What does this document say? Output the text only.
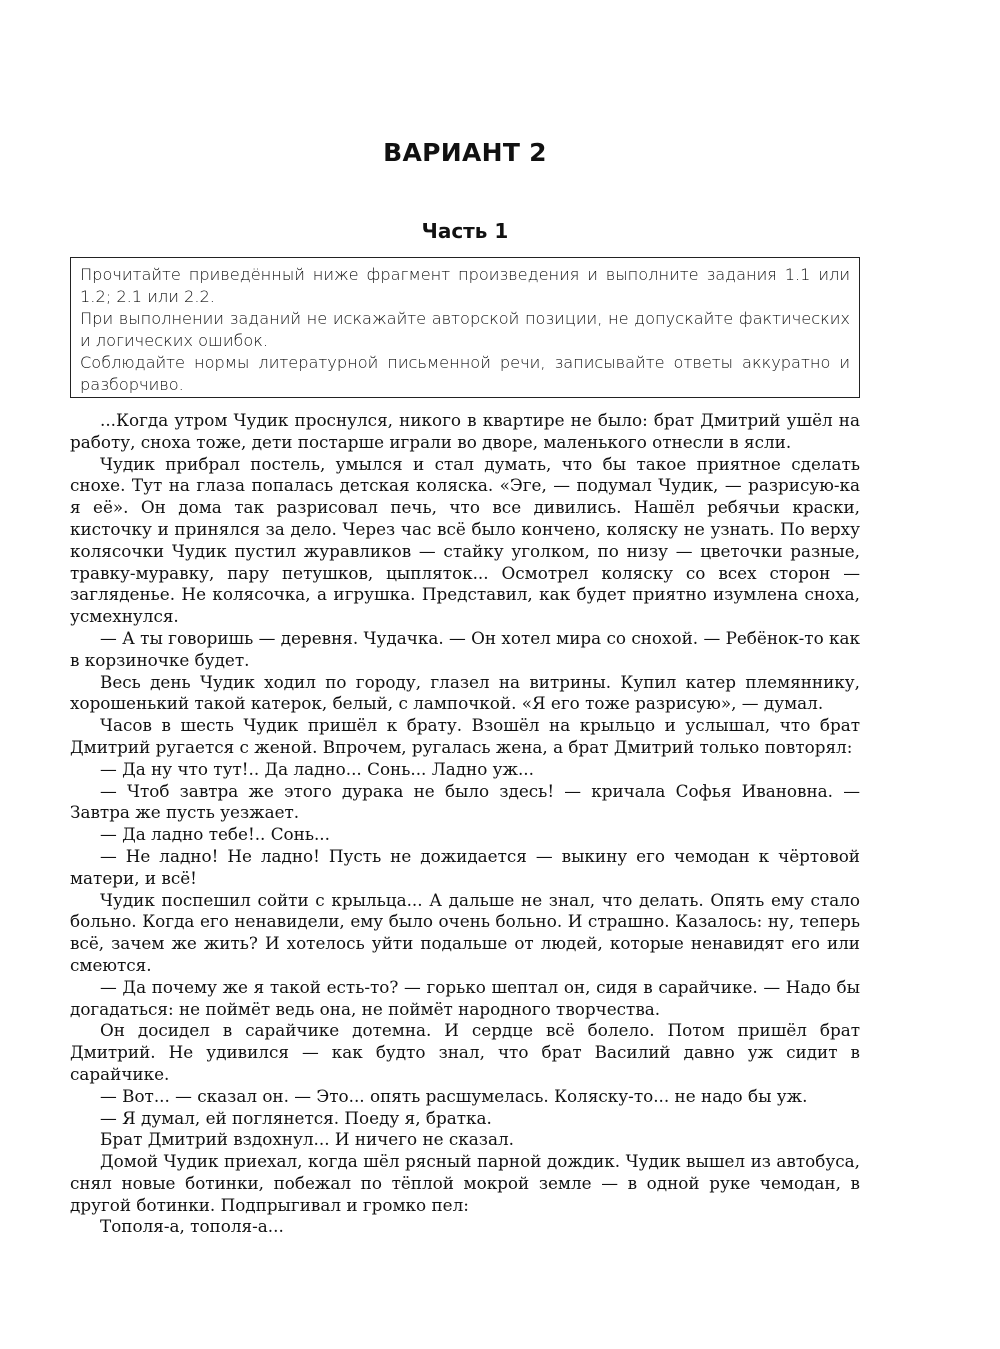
ВАРИАНТ 2
Часть 1

Прочитайте приведённый ниже фрагмент произведения и выполните задания 1.1 или 1.2; 2.1 или 2.2.

При выполнении заданий не искажайте авторской позиции, не допускайте фактических и логических ошибок.

Соблюдайте нормы литературной письменной речи, записывайте ответы аккуратно и разборчиво.

...Когда утром Чудик проснулся, никого в квартире не было: брат Дмитрий ушёл на работу, сноха тоже, дети постарше играли во дворе, маленького отнесли в ясли.

Чудик прибрал постель, умылся и стал думать, что бы такое приятное сделать снохе. Тут на глаза попалась детская коляска. «Эге, — подумал Чудик, — разрисую-ка я её». Он дома так разрисовал печь, что все дивились. Нашёл ребячьи краски, кисточку и принялся за дело. Через час всё было кончено, коляску не узнать. По верху колясочки Чудик пустил журавликов — стайку уголком, по низу — цветочки разные, травку-муравку, пару петушков, цыпляток... Осмотрел коляску со всех сторон — загляденье. Не колясочка, а игрушка. Представил, как будет приятно изумлена сноха, усмехнулся.

— А ты говоришь — деревня. Чудачка. — Он хотел мира со снохой. — Ребёнок-то как в корзиночке будет.

Весь день Чудик ходил по городу, глазел на витрины. Купил катер племяннику, хорошенький такой катерок, белый, с лампочкой. «Я его тоже разрисую», — думал.

Часов в шесть Чудик пришёл к брату. Взошёл на крыльцо и услышал, что брат Дмитрий ругается с женой. Впрочем, ругалась жена, а брат Дмитрий только повторял:

— Да ну что тут!.. Да ладно... Сонь... Ладно уж...

— Чтоб завтра же этого дурака не было здесь! — кричала Софья Ивановна. — Завтра же пусть уезжает.

— Да ладно тебе!.. Сонь...

— Не ладно! Не ладно! Пусть не дожидается — выкину его чемодан к чёртовой матери, и всё!

Чудик поспешил сойти с крыльца... А дальше не знал, что делать. Опять ему стало больно. Когда его ненавидели, ему было очень больно. И страшно. Казалось: ну, теперь всё, зачем же жить? И хотелось уйти подальше от людей, которые ненавидят его или смеются.

— Да почему же я такой есть-то? — горько шептал он, сидя в сарайчике. — Надо бы догадаться: не поймёт ведь она, не поймёт народного творчества.

Он досидел в сарайчике дотемна. И сердце всё болело. Потом пришёл брат Дмитрий. Не удивился — как будто знал, что брат Василий давно уж сидит в сарайчике.

— Вот... — сказал он. — Это... опять расшумелась. Коляску-то... не надо бы уж.

— Я думал, ей поглянется. Поеду я, братка.

Брат Дмитрий вздохнул... И ничего не сказал.

Домой Чудик приехал, когда шёл рясный парной дождик. Чудик вышел из автобуса, снял новые ботинки, побежал по тёплой мокрой земле — в одной руке чемодан, в другой ботинки. Подпрыгивал и громко пел:

Тополя-а, тополя-а...
